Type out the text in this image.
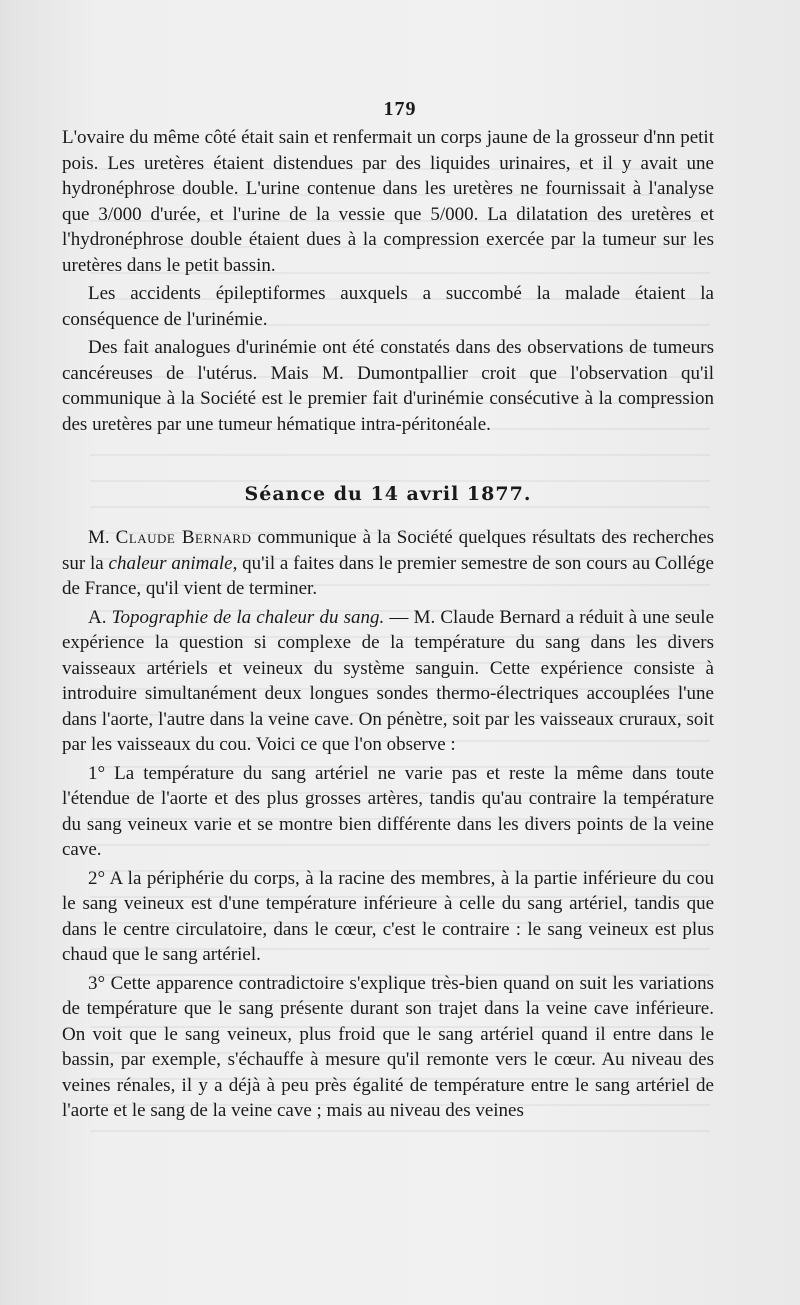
179

L'ovaire du même côté était sain et renfermait un corps jaune de la grosseur d'nn petit pois. Les uretères étaient distendues par des liquides urinaires, et il y avait une hydronéphrose double. L'urine contenue dans les uretères ne fournissait à l'analyse que 3/000 d'urée, et l'urine de la vessie que 5/000. La dilatation des uretères et l'hydronéphrose double étaient dues à la compression exercée par la tumeur sur les uretères dans le petit bassin.

Les accidents épileptiformes auxquels a succombé la malade étaient la conséquence de l'urinémie.

Des fait analogues d'urinémie ont été constatés dans des observations de tumeurs cancéreuses de l'utérus. Mais M. Dumontpallier croit que l'observation qu'il communique à la Société est le premier fait d'urinémie consécutive à la compression des uretères par une tumeur hématique intra-péritonéale.

Séance du 14 avril 1877.

M. Claude Bernard communique à la Société quelques résultats des recherches sur la chaleur animale, qu'il a faites dans le premier semestre de son cours au Collége de France, qu'il vient de terminer.

A. Topographie de la chaleur du sang. — M. Claude Bernard a réduit à une seule expérience la question si complexe de la température du sang dans les divers vaisseaux artériels et veineux du système sanguin. Cette expérience consiste à introduire simultanément deux longues sondes thermo-électriques accouplées l'une dans l'aorte, l'autre dans la veine cave. On pénètre, soit par les vaisseaux cruraux, soit par les vaisseaux du cou. Voici ce que l'on observe :

1° La température du sang artériel ne varie pas et reste la même dans toute l'étendue de l'aorte et des plus grosses artères, tandis qu'au contraire la température du sang veineux varie et se montre bien différente dans les divers points de la veine cave.

2° A la périphérie du corps, à la racine des membres, à la partie inférieure du cou le sang veineux est d'une température inférieure à celle du sang artériel, tandis que dans le centre circulatoire, dans le cœur, c'est le contraire : le sang veineux est plus chaud que le sang artériel.

3° Cette apparence contradictoire s'explique très-bien quand on suit les variations de température que le sang présente durant son trajet dans la veine cave inférieure. On voit que le sang veineux, plus froid que le sang artériel quand il entre dans le bassin, par exemple, s'échauffe à mesure qu'il remonte vers le cœur. Au niveau des veines rénales, il y a déjà à peu près égalité de température entre le sang artériel de l'aorte et le sang de la veine cave ; mais au niveau des veines
